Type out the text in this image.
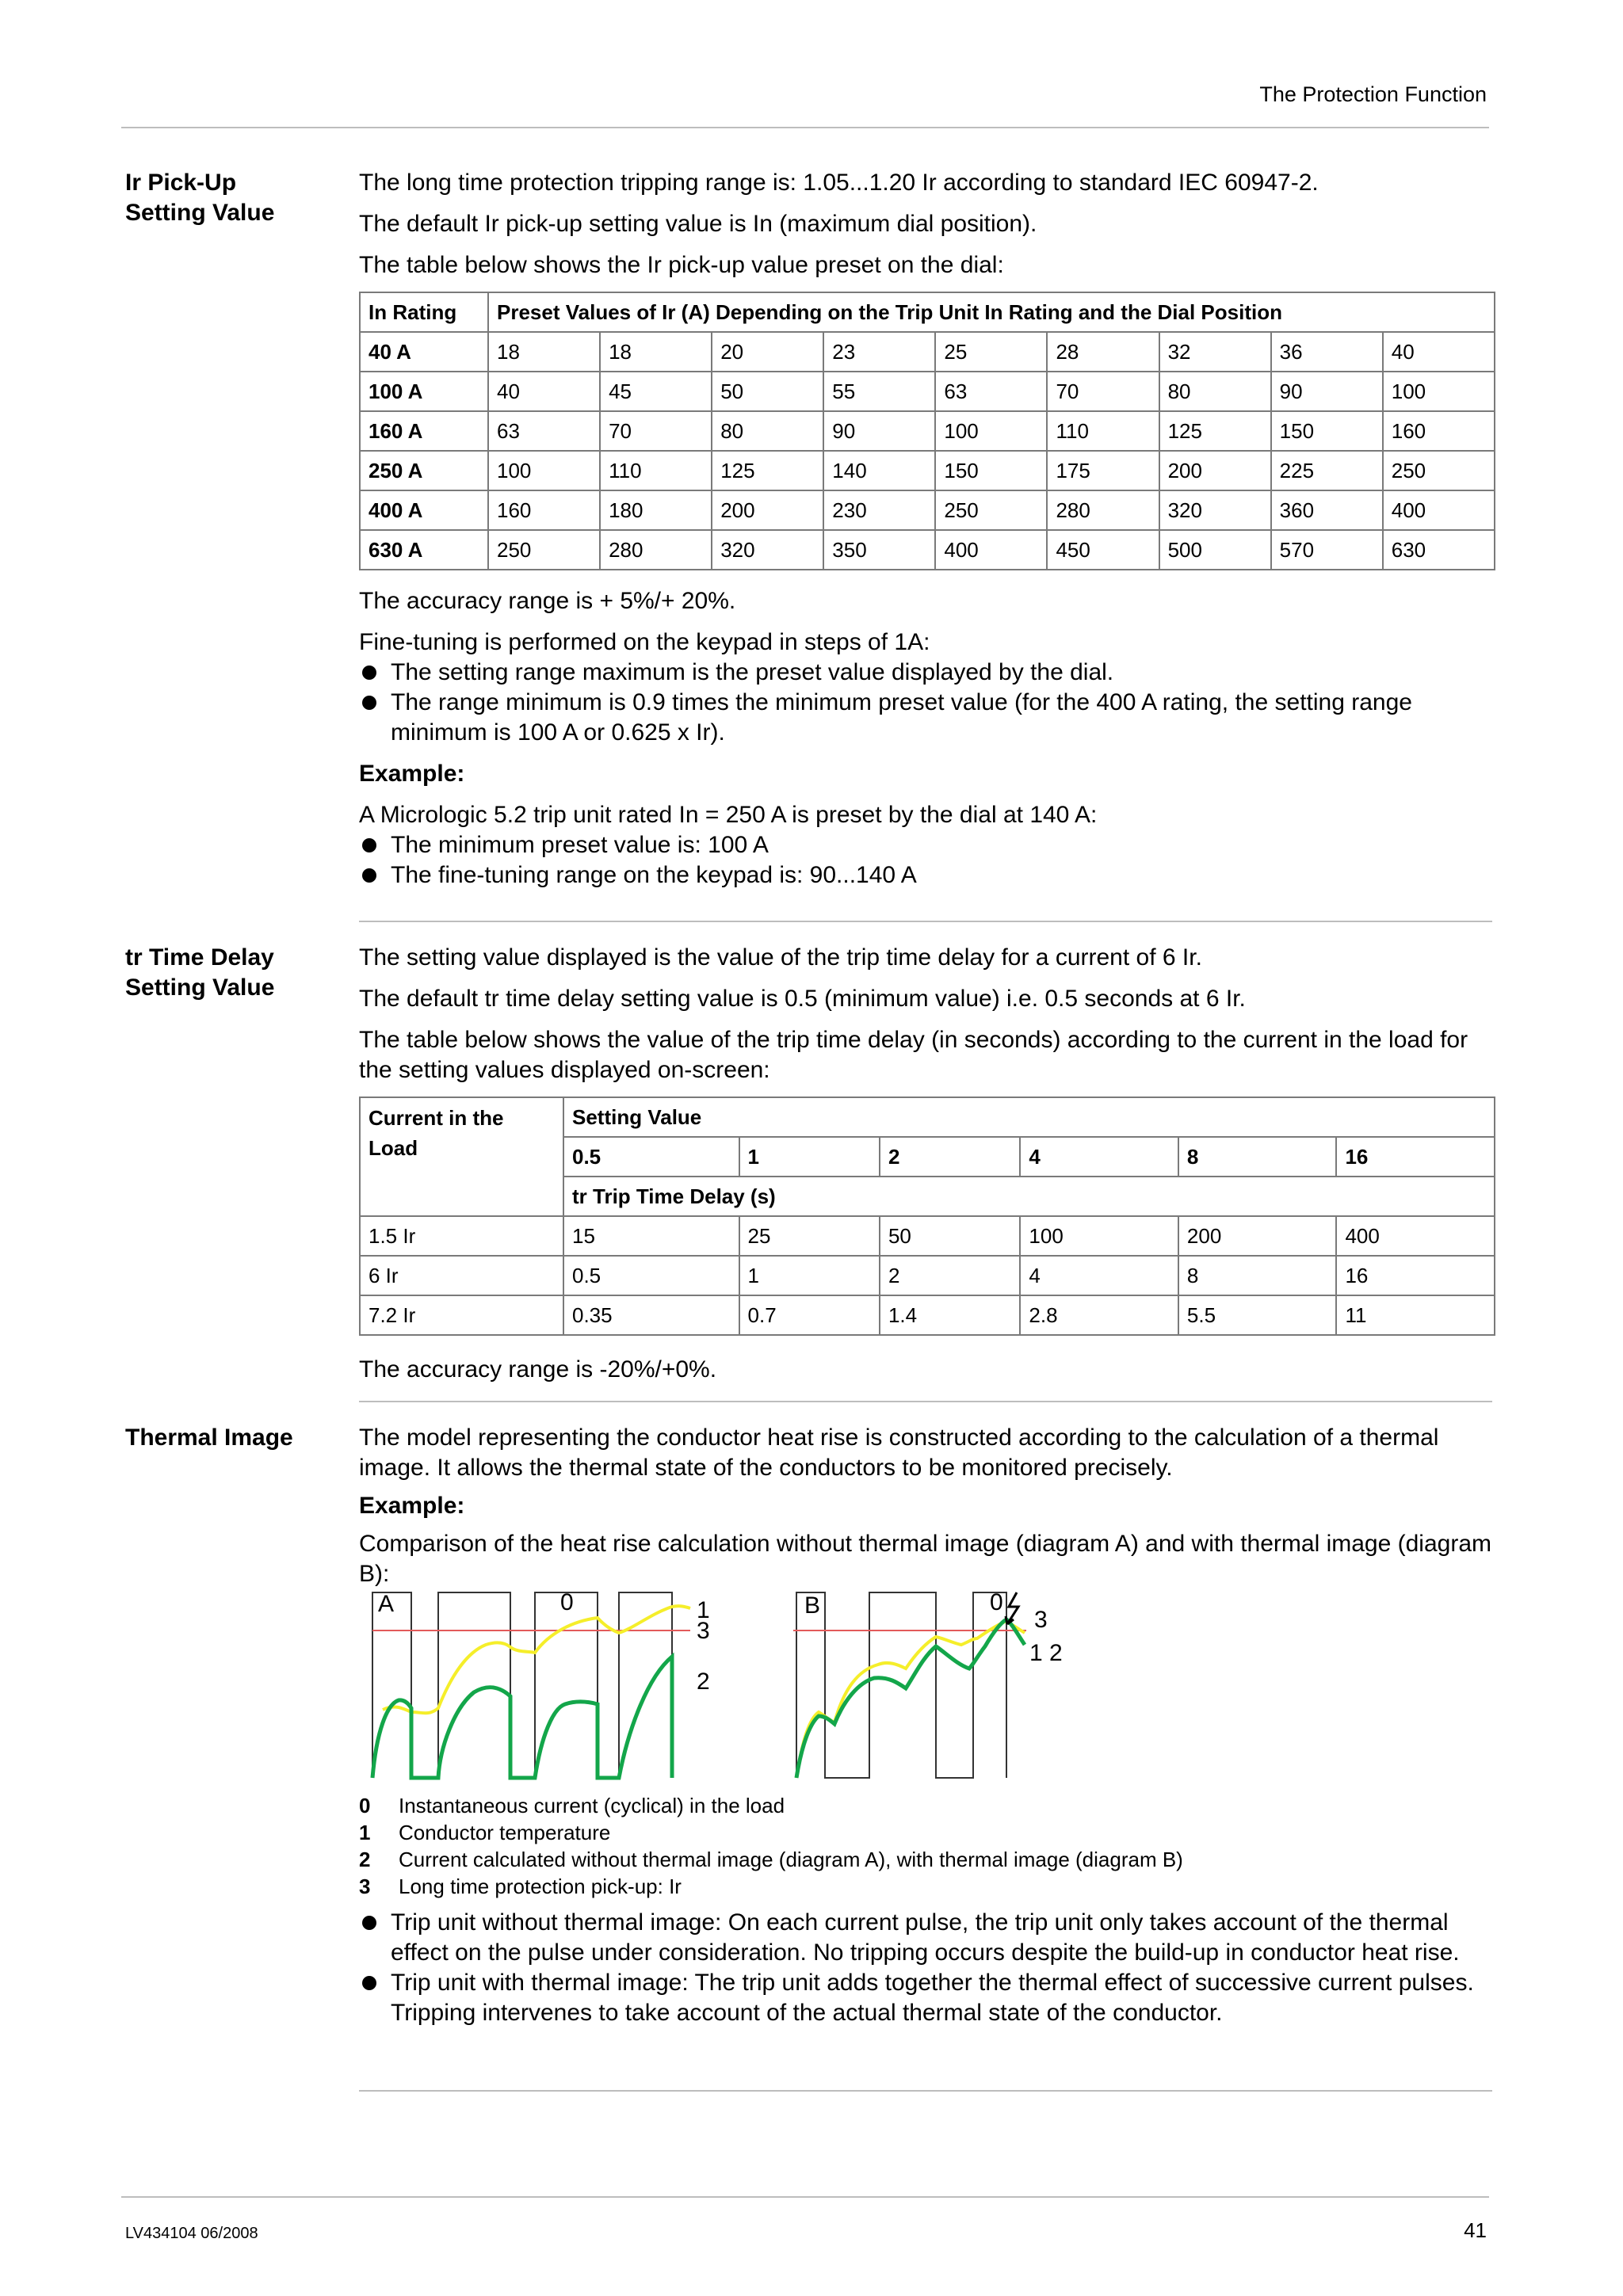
The Protection Function
Ir Pick-Up
Setting Value

The long time protection tripping range is: 1.05...1.20 Ir according to standard IEC 60947-2.

The default Ir pick-up setting value is In (maximum dial position).

The table below shows the Ir pick-up value preset on the dial:

In Rating	Preset Values of Ir (A) Depending on the Trip Unit In Rating and the Dial Position								
40 A	18	18	20	23	25	28	32	36	40
100 A	40	45	50	55	63	70	80	90	100
160 A	63	70	80	90	100	110	125	150	160
250 A	100	110	125	140	150	175	200	225	250
400 A	160	180	200	230	250	280	320	360	400
630 A	250	280	320	350	400	450	500	570	630

The accuracy range is + 5%/+ 20%.

Fine-tuning is performed on the keypad in steps of 1A:

The setting range maximum is the preset value displayed by the dial.
The range minimum is 0.9 times the minimum preset value (for the 400 A rating, the setting range minimum is 100 A or 0.625 x Ir).

Example:

A Micrologic 5.2 trip unit rated In = 250 A is preset by the dial at 140 A:

The minimum preset value is: 100 A
The fine-tuning range on the keypad is: 90...140 A
tr Time Delay
Setting Value

The setting value displayed is the value of the trip time delay for a current of 6 Ir.

The default tr time delay setting value is 0.5 (minimum value) i.e. 0.5 seconds at 6 Ir.

The table below shows the value of the trip time delay (in seconds) according to the current in the load for the setting values displayed on-screen:

Current in the Load	Setting Value					
	0.5	1	2	4	8	16
	tr Trip Time Delay (s)					
1.5 Ir	15	25	50	100	200	400
6 Ir	0.5	1	2	4	8	16
7.2 Ir	0.35	0.7	1.4	2.8	5.5	11

The accuracy range is -20%/+0%.

Thermal Image	The model representing the conductor heat rise is constructed according to the calculation of a thermal image. It allows the thermal state of the conductors to be monitored precisely.

Example:

Comparison of the heat rise calculation without thermal image (diagram A) and with thermal image (diagram B):

A	0	1
3
2
B	0
3
1 2
0	Instantaneous current (cyclical) in the load
1	Conductor temperature
2	Current calculated without thermal image (diagram A), with thermal image (diagram B)
3	Long time protection pick-up: Ir
Trip unit without thermal image: On each current pulse, the trip unit only takes account of the thermal effect on the pulse under consideration. No tripping occurs despite the build-up in conductor heat rise.
Trip unit with thermal image: The trip unit adds together the thermal effect of successive current pulses. Tripping intervenes to take account of the actual thermal state of the conductor.
LV434104 06/2008	41
